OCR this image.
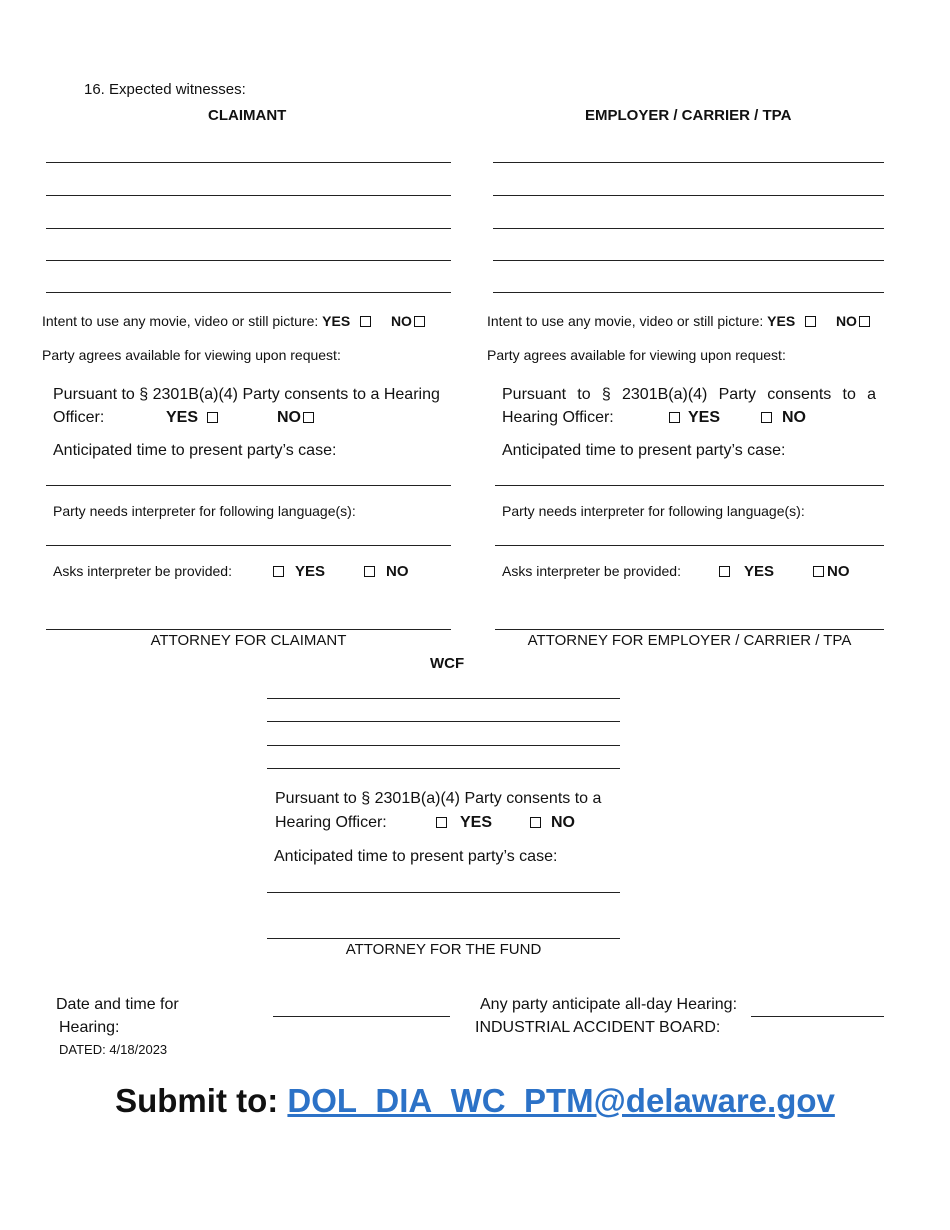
16. Expected witnesses:
CLAIMANT	EMPLOYER / CARRIER / TPA
Intent to use any movie, video or still picture: YES	NO	Intent to use any movie, video or still picture: YES	NO
Party agrees available for viewing upon request:	Party agrees available for viewing upon request:
Pursuant to § 2301B(a)(4) Party consents to a Hearing
Officer:	YES	NO
Pursuant to § 2301B(a)(4) Party consents to a
Hearing Officer:	YES	NO
Anticipated time to present party’s case:	Anticipated time to present party’s case:
Party needs interpreter for following language(s):	Party needs interpreter for following language(s):
Asks interpreter be provided:	YES	NO	Asks interpreter be provided:	YES	NO
ATTORNEY FOR CLAIMANT	ATTORNEY FOR EMPLOYER / CARRIER / TPA
WCF
Pursuant to § 2301B(a)(4) Party consents to a
Hearing Officer:	YES	NO
Anticipated time to present party’s case:
ATTORNEY FOR THE FUND
Date and time for
Hearing:
DATED: 4/18/2023
Any party anticipate all-day Hearing:
INDUSTRIAL ACCIDENT BOARD:
Submit to: DOL_DIA_WC_PTM@delaware.gov
